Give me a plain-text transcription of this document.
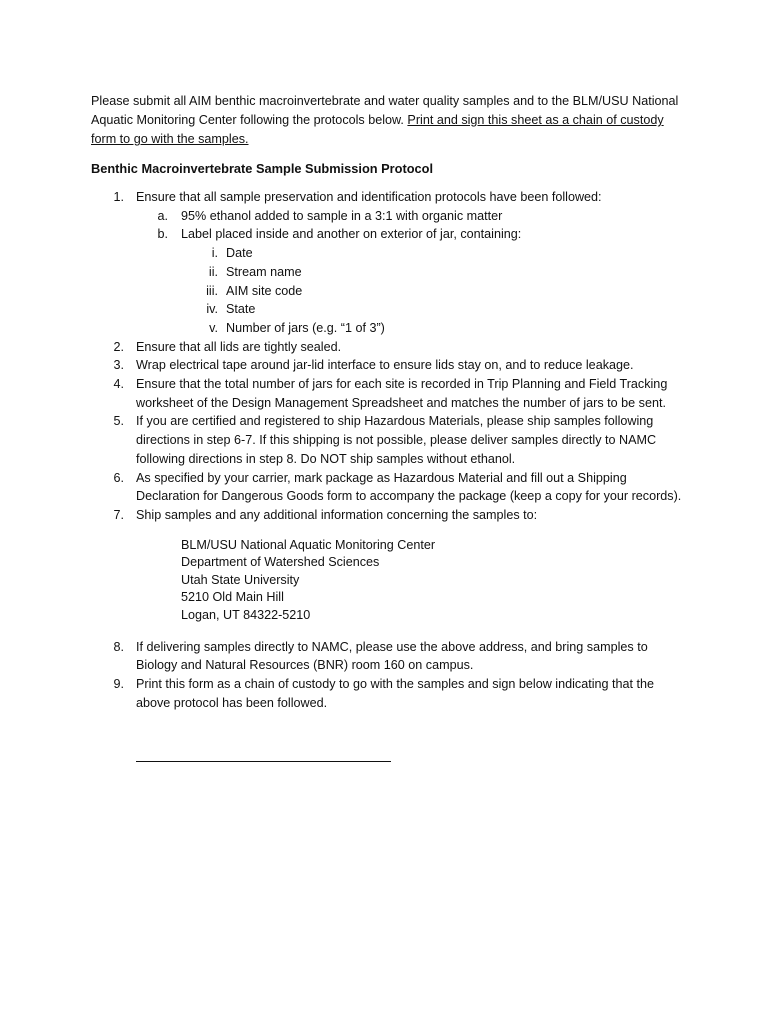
Please submit all AIM benthic macroinvertebrate and water quality samples and to the BLM/USU National Aquatic Monitoring Center following the protocols below. Print and sign this sheet as a chain of custody form to go with the samples.
Benthic Macroinvertebrate Sample Submission Protocol
1. Ensure that all sample preservation and identification protocols have been followed:
a. 95% ethanol added to sample in a 3:1 with organic matter
b. Label placed inside and another on exterior of jar, containing:
i. Date
ii. Stream name
iii. AIM site code
iv. State
v. Number of jars (e.g. “1 of 3”)
2. Ensure that all lids are tightly sealed.
3. Wrap electrical tape around jar-lid interface to ensure lids stay on, and to reduce leakage.
4. Ensure that the total number of jars for each site is recorded in Trip Planning and Field Tracking worksheet of the Design Management Spreadsheet and matches the number of jars to be sent.
5. If you are certified and registered to ship Hazardous Materials, please ship samples following directions in step 6-7. If this shipping is not possible, please deliver samples directly to NAMC following directions in step 8. Do NOT ship samples without ethanol.
6. As specified by your carrier, mark package as Hazardous Material and fill out a Shipping Declaration for Dangerous Goods form to accompany the package (keep a copy for your records).
7. Ship samples and any additional information concerning the samples to:
BLM/USU National Aquatic Monitoring Center
Department of Watershed Sciences
Utah State University
5210 Old Main Hill
Logan, UT 84322-5210
8. If delivering samples directly to NAMC, please use the above address, and bring samples to Biology and Natural Resources (BNR) room 160 on campus.
9. Print this form as a chain of custody to go with the samples and sign below indicating that the above protocol has been followed.
